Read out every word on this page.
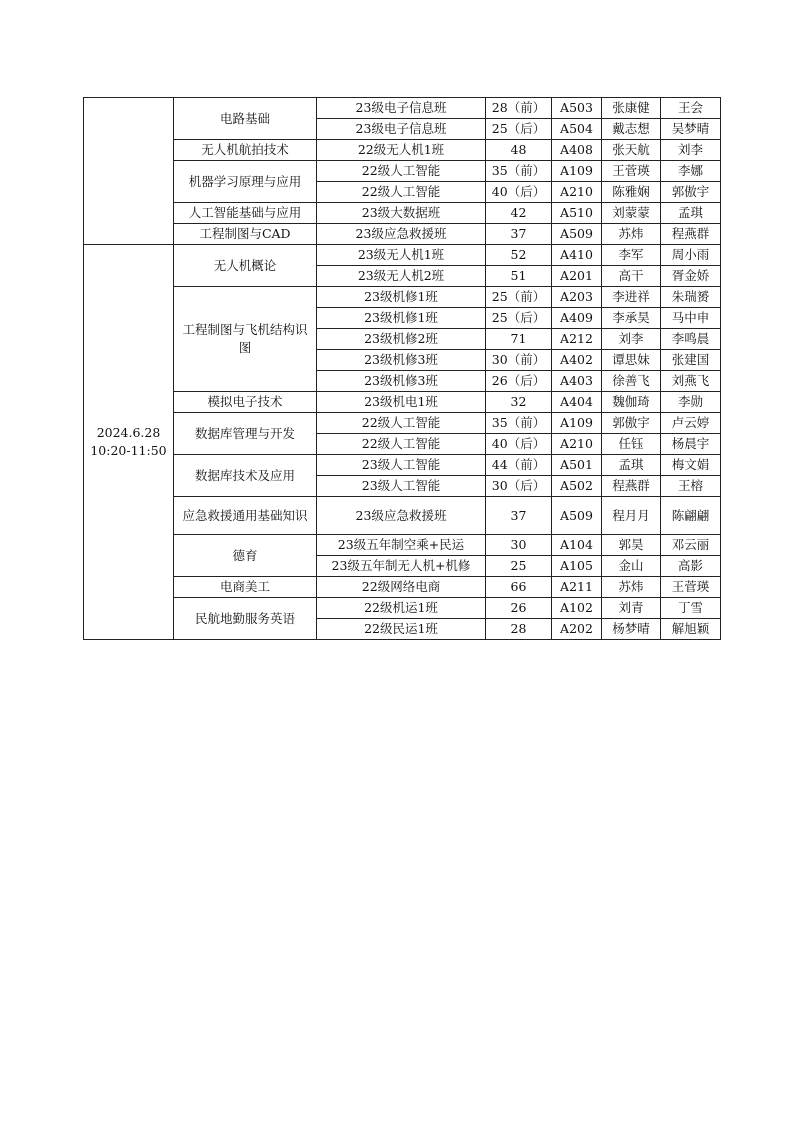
	电路基础	23级电子信息班	28（前）	A503	张康健	王会
		23级电子信息班	25（后）	A504	戴志想	吴梦晴
	无人机航拍技术	22级无人机1班	48	A408	张天航	刘李
	机器学习原理与应用	22级人工智能	35（前）	A109	王菅瑛	李娜
		22级人工智能	40（后）	A210	陈雅娴	郭傲宇
	人工智能基础与应用	23级大数据班	42	A510	刘蒙蒙	孟琪
	工程制图与CAD	23级应急救援班	37	A509	苏炜	程燕群

2024.6.28
10:20-11:50	无人机概论	23级无人机1班	52	A410	李军	周小雨
		23级无人机2班	51	A201	高干	胥金娇
	工程制图与飞机结构识图	23级机修1班	25（前）	A203	李进祥	朱瑞赟
		23级机修1班	25（后）	A409	李承昊	马中申
		23级机修2班	71	A212	刘李	李鸣晨
		23级机修3班	30（前）	A402	谭思妹	张建国
		23级机修3班	26（后）	A403	徐善飞	刘燕飞
	模拟电子技术	23级机电1班	32	A404	魏伽琦	李勋
	数据库管理与开发	22级人工智能	35（前）	A109	郭傲宇	卢云婷
		22级人工智能	40（后）	A210	任钰	杨晨宇
	数据库技术及应用	23级人工智能	44（前）	A501	孟琪	梅文娟
		23级人工智能	30（后）	A502	程燕群	王榕
	应急救援通用基础知识	23级应急救援班	37	A509	程月月	陈翩翩
	德育	23级五年制空乘+民运	30	A104	郭昊	邓云丽
		23级五年制无人机+机修	25	A105	金山	高影
	电商美工	22级网络电商	66	A211	苏炜	王菅瑛
	民航地勤服务英语	22级机运1班	26	A102	刘青	丁雪
		22级民运1班	28	A202	杨梦晴	解旭颖
